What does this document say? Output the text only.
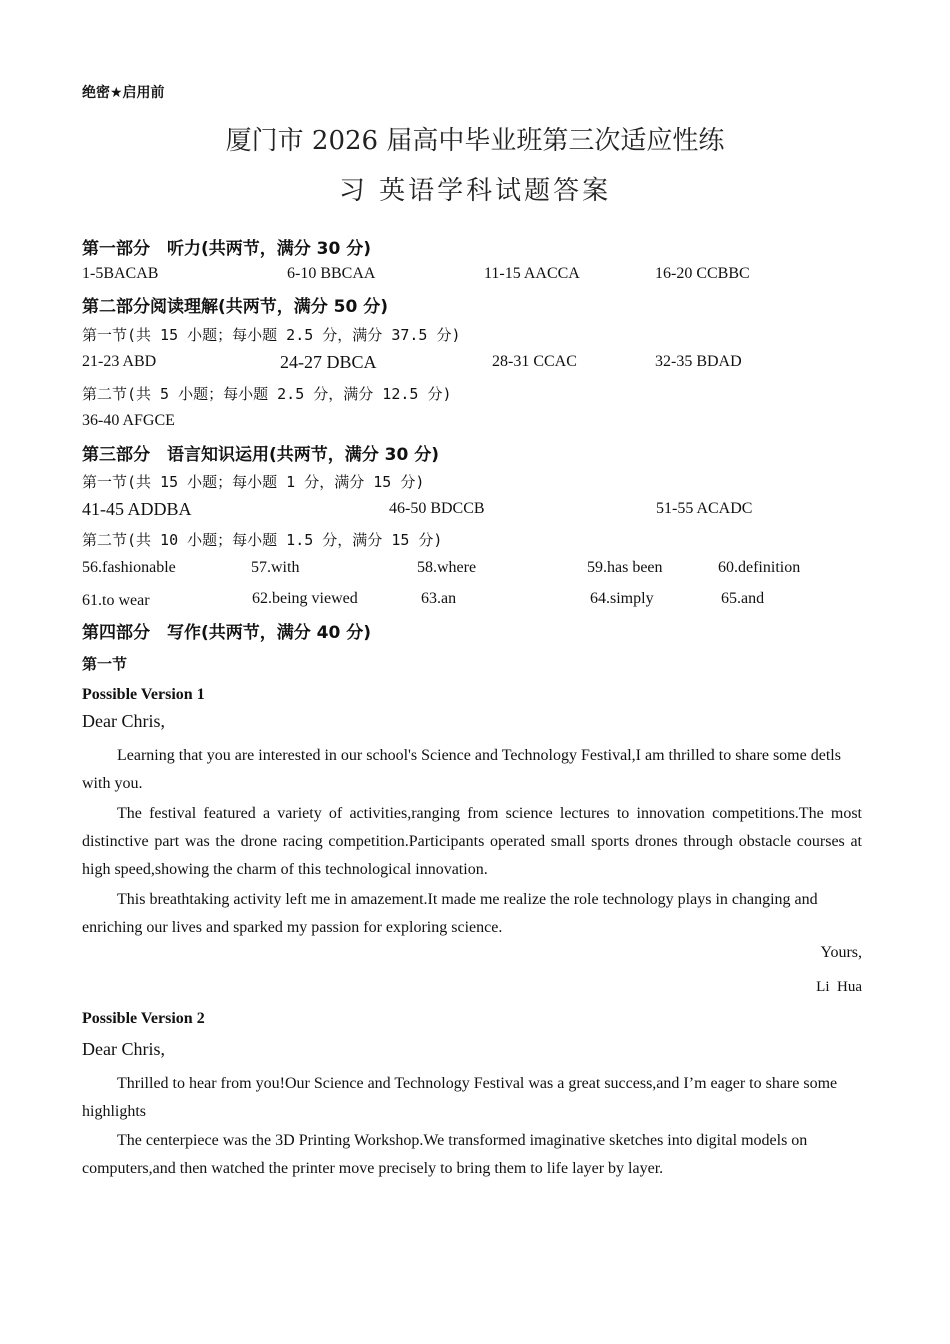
绝密★启用前
厦门市 2026 届高中毕业班第三次适应性练
习 英语学科试题答案
第一部分　听力(共两节，满分 30 分)
1-5BACAB	6-10 BBCAA	11-15 AACCA	16-20 CCBBC
第二部分阅读理解(共两节，满分 50 分)
第一节(共 15 小题；每小题 2.5 分，满分 37.5 分)
21-23 ABD	24-27 DBCA	28-31 CCAC	32-35 BDAD
第二节(共 5 小题；每小题 2.5 分，满分 12.5 分)
36-40 AFGCE
第三部分　语言知识运用(共两节，满分 30 分)
第一节(共 15 小题；每小题 1 分，满分 15 分)
41-45 ADDBA	46-50 BDCCB	51-55 ACADC
第二节(共 10 小题；每小题 1.5 分，满分 15 分)
56.fashionable	57.with	58.where	59.has been	60.definition
61.to wear	62.being viewed	63.an	64.simply	65.and
第四部分　写作(共两节，满分 40 分)
第一节
Possible Version 1
Dear Chris,
Learning that you are interested in our school's Science and Technology Festival,I am thrilled to share some detls with you.
The festival featured a variety of activities,ranging from science lectures to innovation competitions.The most distinctive part was the drone racing competition.Participants operated small sports drones through obstacle courses at high speed,showing the charm of this technological innovation.
This breathtaking activity left me in amazement.It made me realize the role technology plays in changing and enriching our lives and sparked my passion for exploring science.
Yours,
Li  Hua
Possible Version 2
Dear Chris,
Thrilled to hear from you!Our Science and Technology Festival was a great success,and I’m eager to share some highlights
The centerpiece was the 3D Printing Workshop.We transformed imaginative sketches into digital models on computers,and then watched the printer move precisely to bring them to life layer by layer.
